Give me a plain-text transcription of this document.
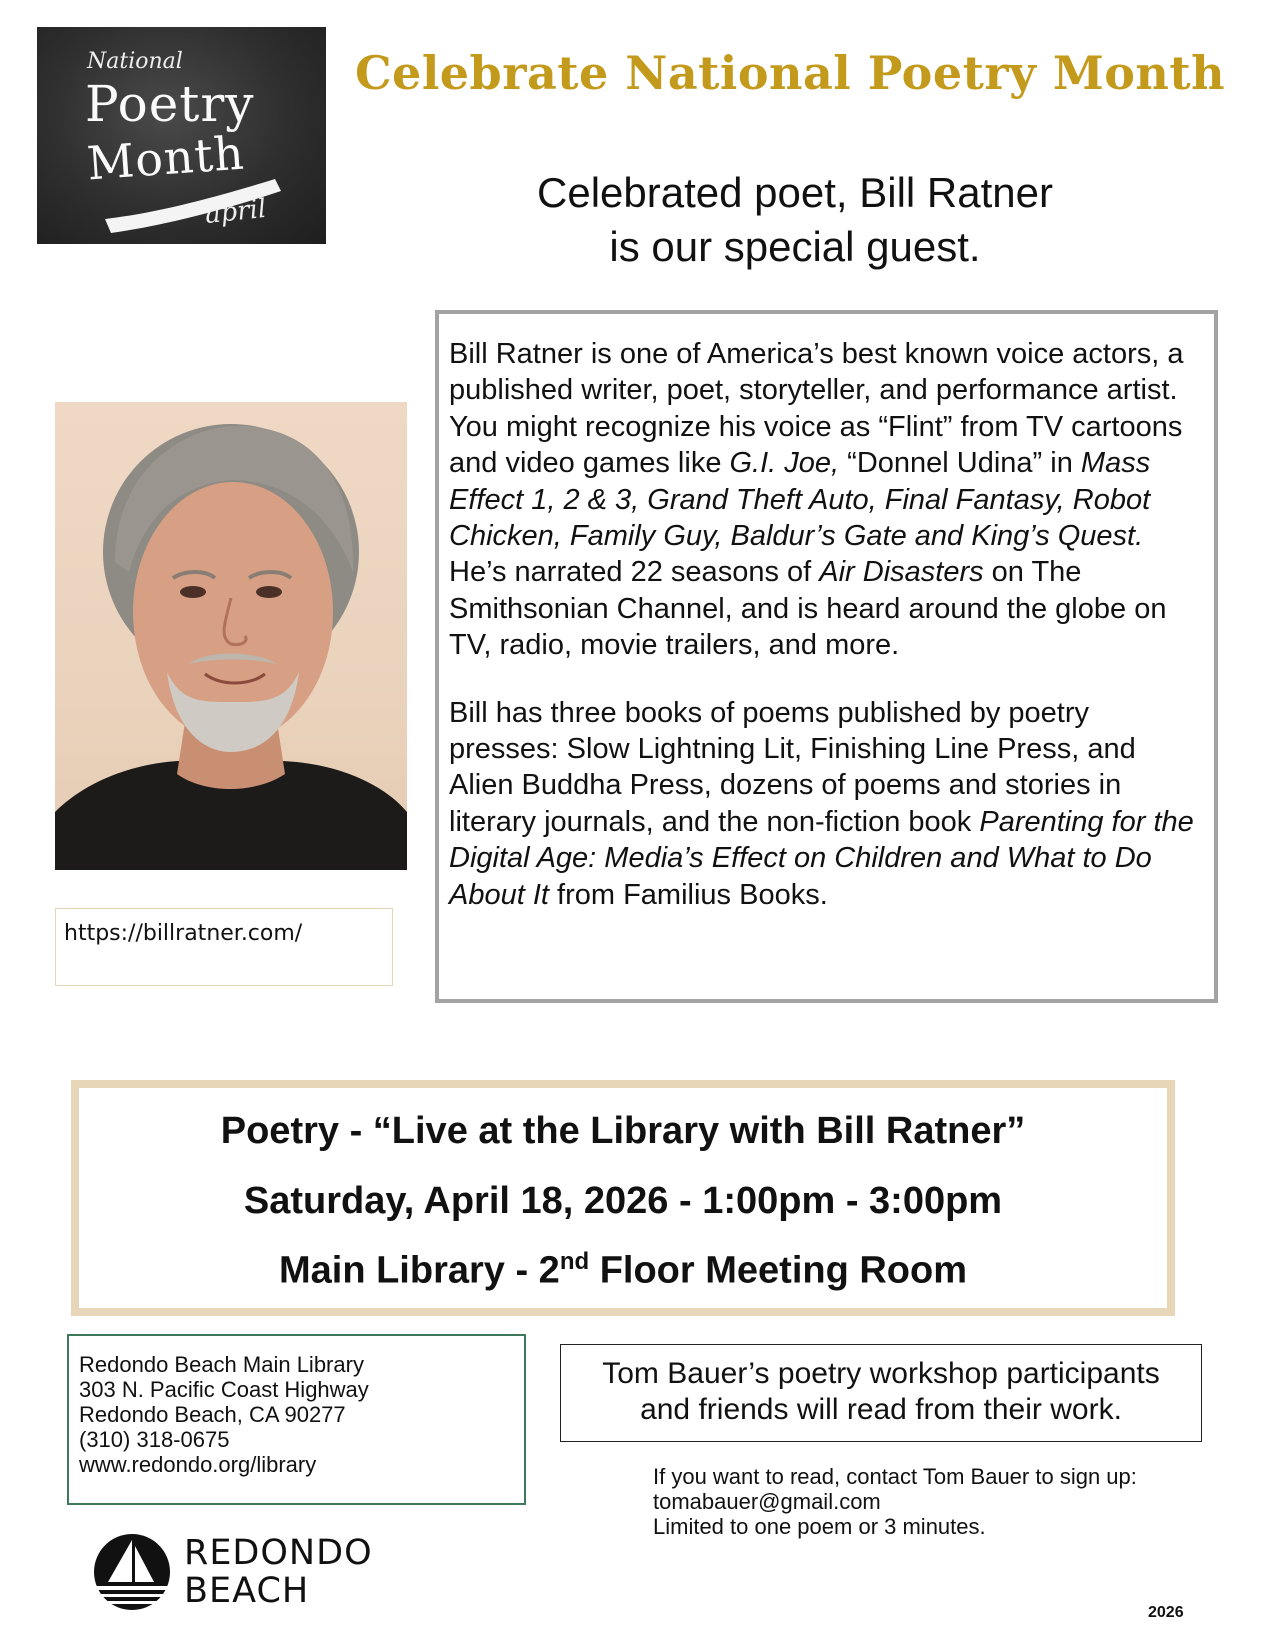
National
Poetry
Month
april
Celebrate National Poetry Month
Celebrated poet, Bill Ratner
is our special guest.
https://billratner.com/

Bill Ratner is one of America’s best known voice actors, a published writer, poet, storyteller, and performance artist. You might recognize his voice as “Flint” from TV cartoons and video games like G.I. Joe, “Donnel Udina” in Mass Effect 1, 2 & 3, Grand Theft Auto, Final Fantasy, Robot Chicken, Family Guy, Baldur’s Gate and King’s Quest. He’s narrated 22 seasons of Air Disasters on The Smithsonian Channel, and is heard around the globe on TV, radio, movie trailers, and more.

Bill has three books of poems published by poetry presses: Slow Lightning Lit, Finishing Line Press, and Alien Buddha Press, dozens of poems and stories in literary journals, and the non-fiction book Parenting for the Digital Age: Media’s Effect on Children and What to Do About It from Familius Books.

Poetry - “Live at the Library with Bill Ratner”
Saturday, April 18, 2026 - 1:00pm - 3:00pm
Main Library - 2nd Floor Meeting Room
Redondo Beach Main Library
303 N. Pacific Coast Highway
Redondo Beach, CA 90277
(310) 318-0675
www.redondo.org/library
Tom Bauer’s poetry workshop participants
and friends will read from their work.
If you want to read, contact Tom Bauer to sign up:
tomabauer@gmail.com
Limited to one poem or 3 minutes.
REDONDO
BEACH
2026
